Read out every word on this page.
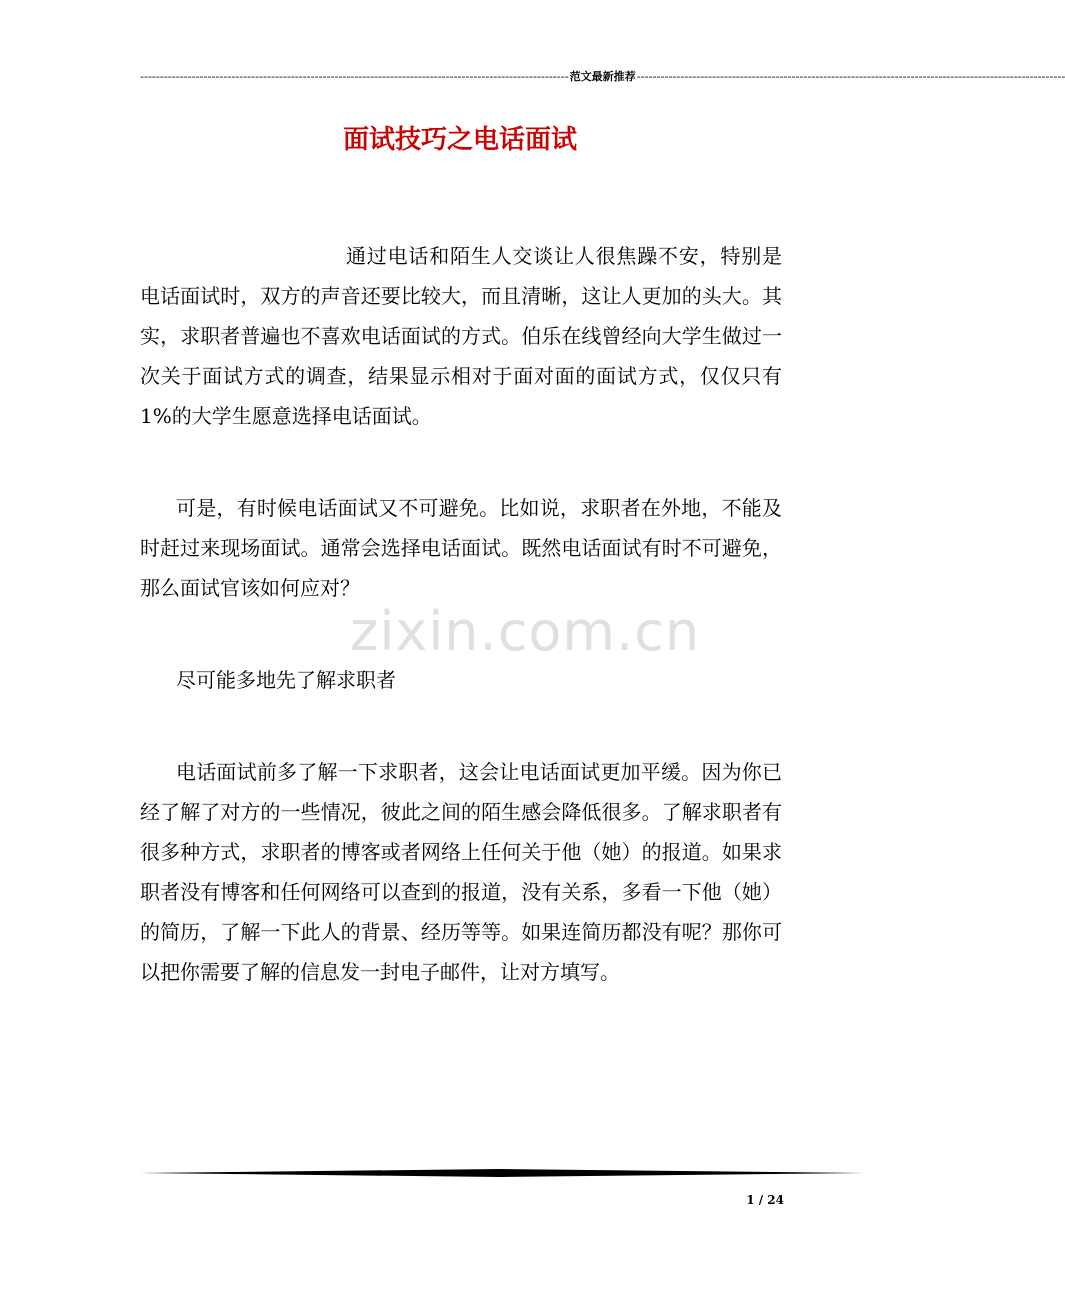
------------------------------------------------------------------------------------------------------------ 范文最新推荐 ------------------------------------------------------------------------------------------------------------
面试技巧之电话面试
zixin.com.cn

通过电话和陌生人交谈让人很焦躁不安，特别是电话面试时，双方的声音还要比较大，而且清晰，这让人更加的头大。其实，求职者普遍也不喜欢电话面试的方式。伯乐在线曾经向大学生做过一次关于面试方式的调查，结果显示相对于面对面的面试方式，仅仅只有1%的大学生愿意选择电话面试。

可是，有时候电话面试又不可避免。比如说，求职者在外地，不能及时赶过来现场面试。通常会选择电话面试。既然电话面试有时不可避免，那么面试官该如何应对？

尽可能多地先了解求职者

电话面试前多了解一下求职者，这会让电话面试更加平缓。因为你已经了解了对方的一些情况，彼此之间的陌生感会降低很多。了解求职者有很多种方式，求职者的博客或者网络上任何关于他（她）的报道。如果求职者没有博客和任何网络可以查到的报道，没有关系，多看一下他（她）的简历，了解一下此人的背景、经历等等。如果连简历都没有呢？那你可以把你需要了解的信息发一封电子邮件，让对方填写。

1 / 24
